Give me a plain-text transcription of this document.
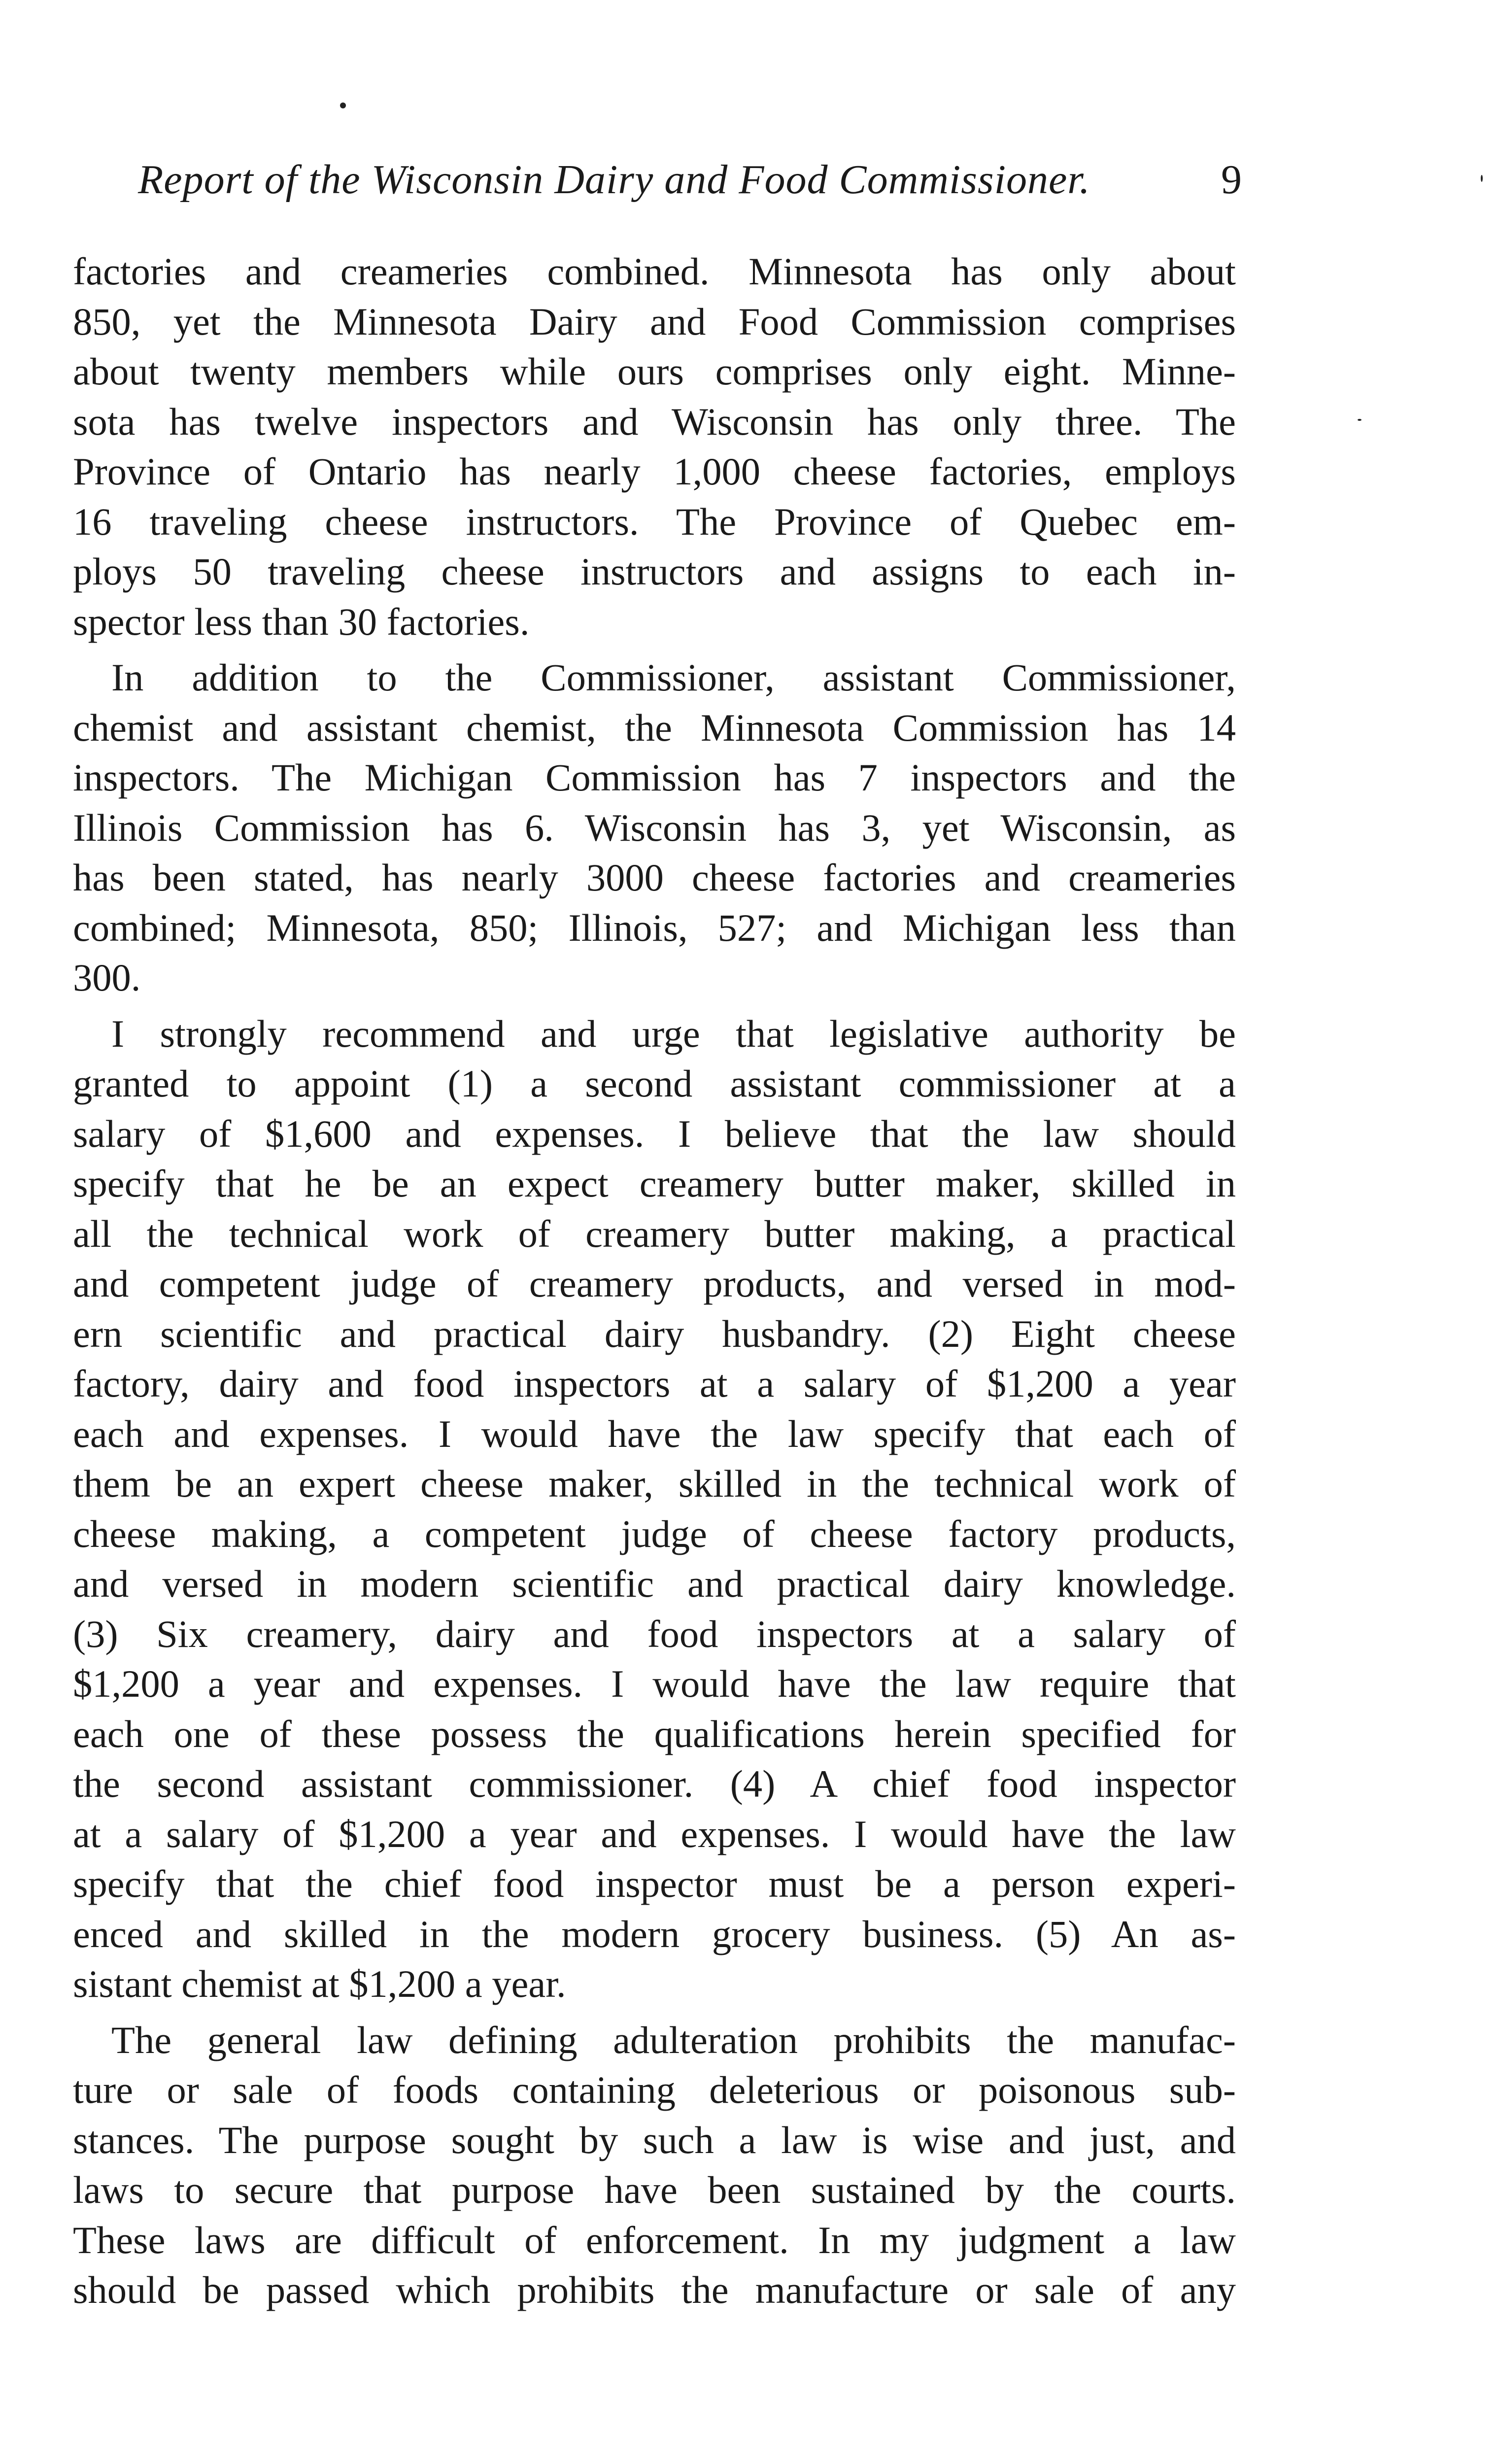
Report of the Wisconsin Dairy and Food Commissioner.	9
factories and creameries combined. Minnesota has only about
850, yet the Minnesota Dairy and Food Commission comprises
about twenty members while ours comprises only eight. Minne-
sota has twelve inspectors and Wisconsin has only three. The
Province of Ontario has nearly 1,000 cheese factories, employs
16 traveling cheese instructors. The Province of Quebec em-
ploys 50 traveling cheese instructors and assigns to each in-
spector less than 30 factories.
In addition to the Commissioner, assistant Commissioner,
chemist and assistant chemist, the Minnesota Commission has 14
inspectors. The Michigan Commission has 7 inspectors and the
Illinois Commission has 6. Wisconsin has 3, yet Wisconsin, as
has been stated, has nearly 3000 cheese factories and creameries
combined; Minnesota, 850; Illinois, 527; and Michigan less than
300.
I strongly recommend and urge that legislative authority be
granted to appoint (1) a second assistant commissioner at a
salary of $1,600 and expenses. I believe that the law should
specify that he be an expect creamery butter maker, skilled in
all the technical work of creamery butter making, a practical
and competent judge of creamery products, and versed in mod-
ern scientific and practical dairy husbandry. (2) Eight cheese
factory, dairy and food inspectors at a salary of $1,200 a year
each and expenses. I would have the law specify that each of
them be an expert cheese maker, skilled in the technical work of
cheese making, a competent judge of cheese factory products,
and versed in modern scientific and practical dairy knowledge.
(3) Six creamery, dairy and food inspectors at a salary of
$1,200 a year and expenses. I would have the law require that
each one of these possess the qualifications herein specified for
the second assistant commissioner. (4) A chief food inspector
at a salary of $1,200 a year and expenses. I would have the law
specify that the chief food inspector must be a person experi-
enced and skilled in the modern grocery business. (5) An as-
sistant chemist at $1,200 a year.
The general law defining adulteration prohibits the manufac-
ture or sale of foods containing deleterious or poisonous sub-
stances. The purpose sought by such a law is wise and just, and
laws to secure that purpose have been sustained by the courts.
These laws are difficult of enforcement. In my judgment a law
should be passed which prohibits the manufacture or sale of any
